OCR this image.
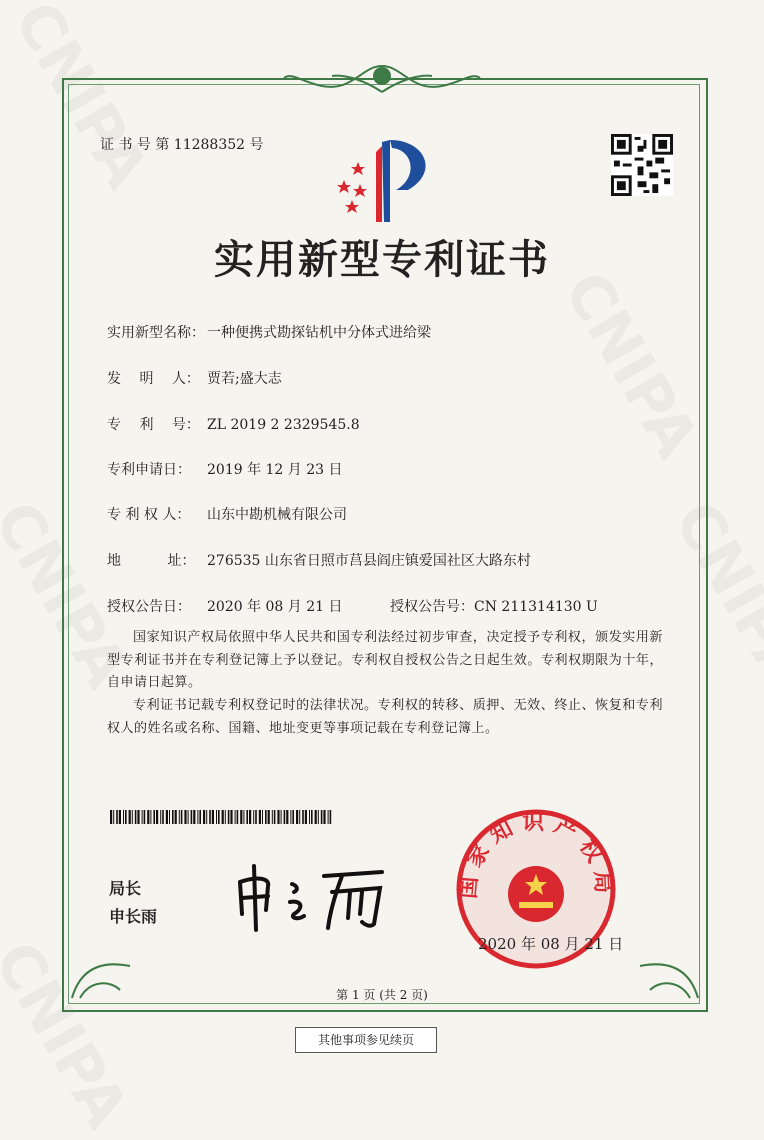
证 书 号 第 11288352 号
实用新型专利证书
实用新型名称： 一种便携式勘探钻机中分体式进给梁
发　 明　 人： 贾若;盛大志
专　 利　 号： ZL 2019 2 2329545.8
专利申请日： 2019 年 12 月 23 日
专 利 权 人： 山东中勘机械有限公司
地　　　 址： 276535 山东省日照市莒县阎庄镇爱国社区大路东村
授权公告日： 2020 年 08 月 21 日	授权公告号：CN 211314130 U
国家知识产权局依照中华人民共和国专利法经过初步审查，决定授予专利权，颁发实用新型专利证书并在专利登记簿上予以登记。专利权自授权公告之日起生效。专利权期限为十年，自申请日起算。
专利证书记载专利权登记时的法律状况。专利权的转移、质押、无效、终止、恢复和专利权人的姓名或名称、国籍、地址变更等事项记载在专利登记簿上。
局长
申长雨
国家知识产权局
2020 年 08 月 21 日
第 1 页 (共 2 页)
其他事项参见续页
